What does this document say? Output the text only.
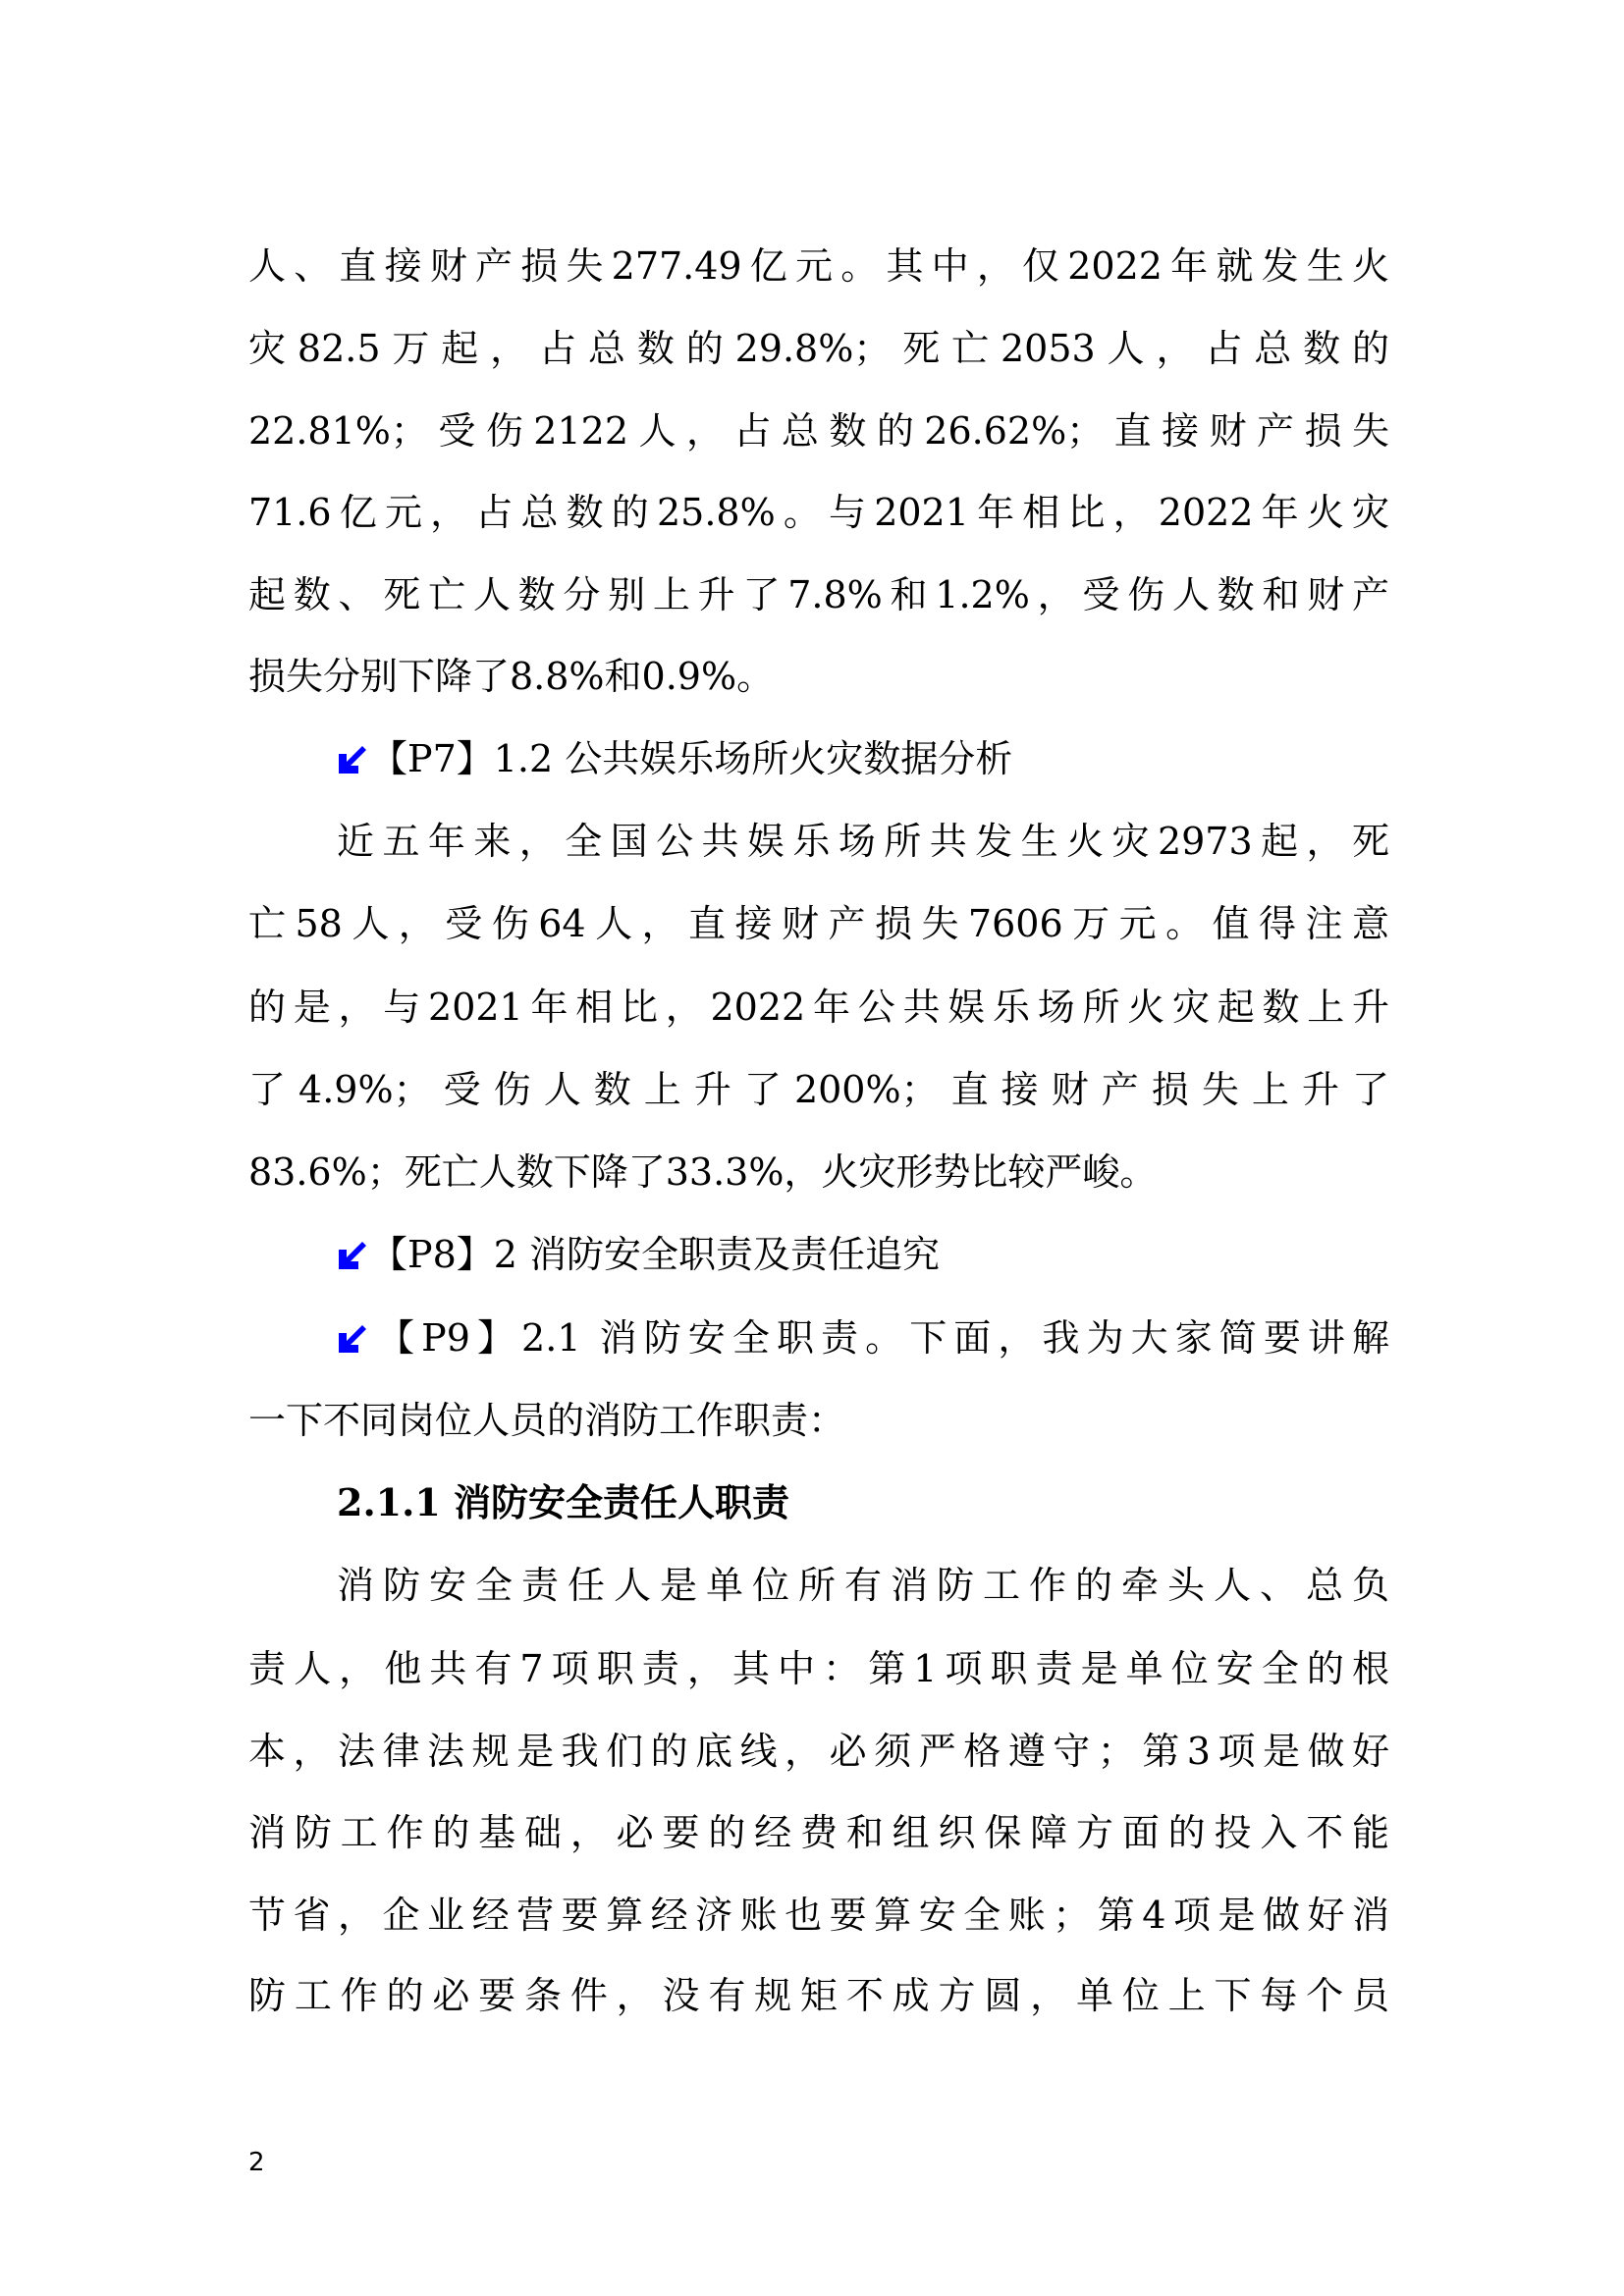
人、直接财产损失277.49亿元。其中，仅2022年就发生火
灾82.5万起，占总数的29.8%；死亡2053人，占总数的
22.81%；受伤2122人，占总数的26.62%；直接财产损失
71.6亿元，占总数的25.8%。与2021年相比，2022年火灾
起数、死亡人数分别上升了7.8%和1.2%，受伤人数和财产
损失分别下降了8.8%和0.9%。
【P7】1.2 公共娱乐场所火灾数据分析
近五年来，全国公共娱乐场所共发生火灾2973起，死
亡58人，受伤64人，直接财产损失7606万元。值得注意
的是，与2021年相比，2022年公共娱乐场所火灾起数上升
了4.9%；受伤人数上升了200%；直接财产损失上升了
83.6%；死亡人数下降了33.3%，火灾形势比较严峻。
【P8】2 消防安全职责及责任追究
【P9】2.1 消防安全职责。下面，我为大家简要讲解
一下不同岗位人员的消防工作职责：
2.1.1 消防安全责任人职责
消防安全责任人是单位所有消防工作的牵头人、总负
责人，他共有7项职责，其中：第1项职责是单位安全的根
本，法律法规是我们的底线，必须严格遵守；第3项是做好
消防工作的基础，必要的经费和组织保障方面的投入不能
节省，企业经营要算经济账也要算安全账；第4项是做好消
防工作的必要条件，没有规矩不成方圆，单位上下每个员
2
